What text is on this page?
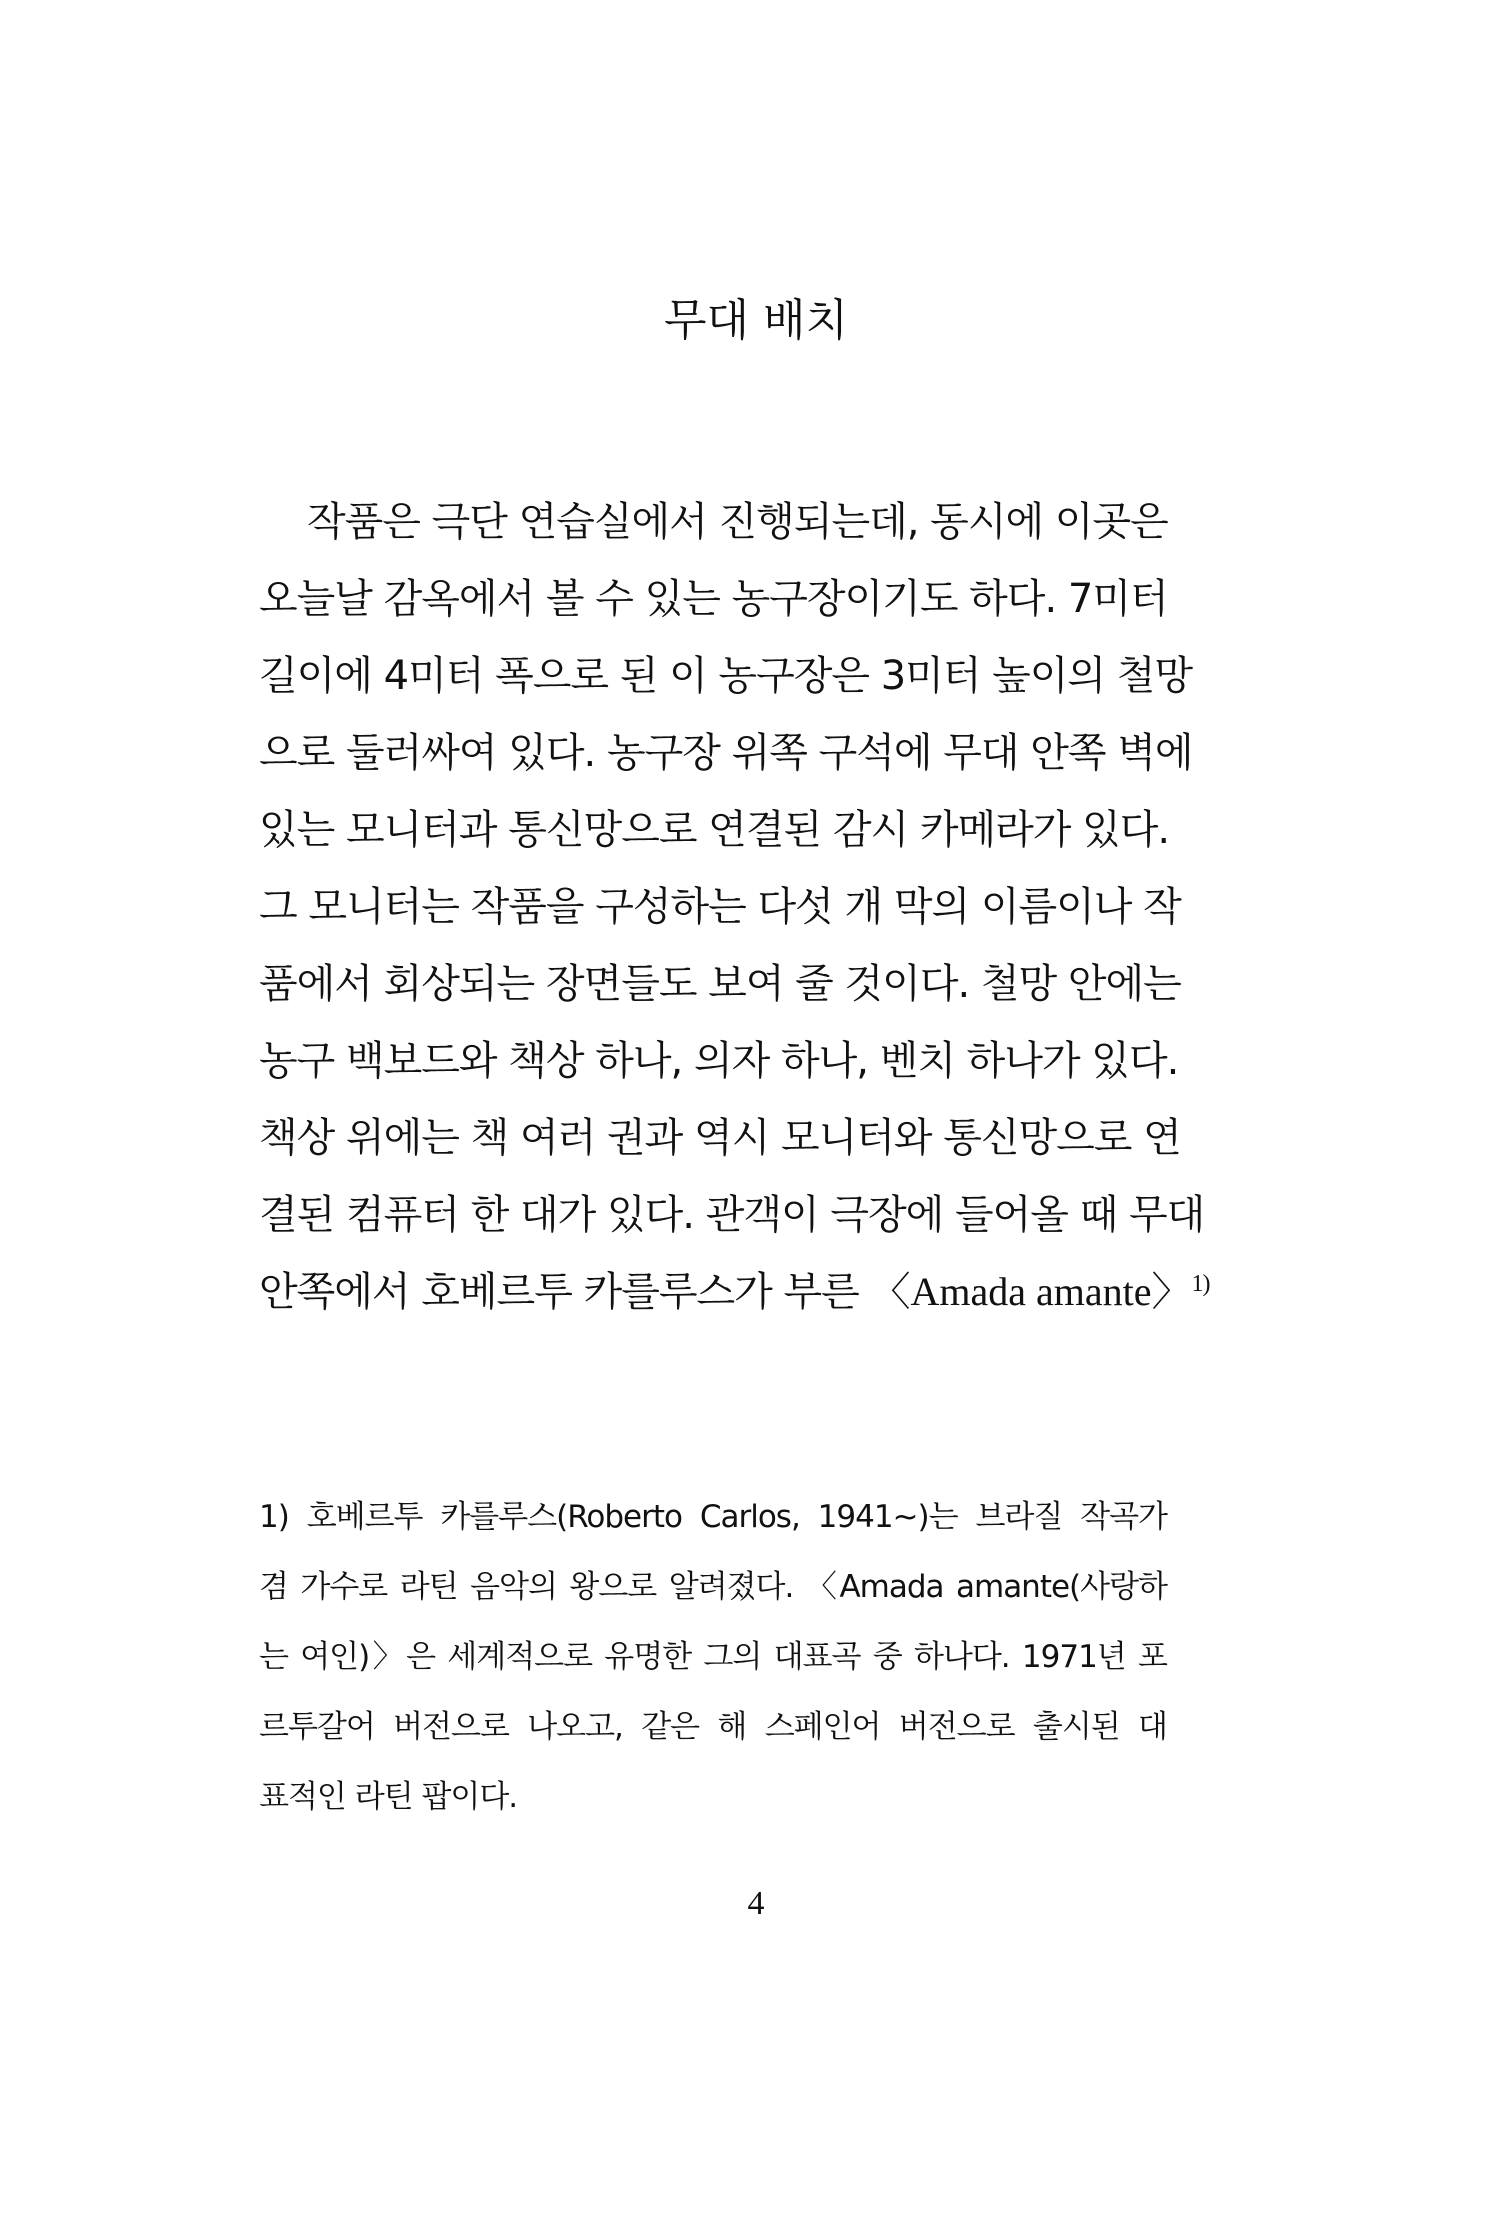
무대 배치
작품은 극단 연습실에서 진행되는데, 동시에 이곳은
오늘날 감옥에서 볼 수 있는 농구장이기도 하다. 7미터
길이에 4미터 폭으로 된 이 농구장은 3미터 높이의 철망
으로 둘러싸여 있다. 농구장 위쪽 구석에 무대 안쪽 벽에
있는 모니터과 통신망으로 연결된 감시 카메라가 있다.
그 모니터는 작품을 구성하는 다섯 개 막의 이름이나 작
품에서 회상되는 장면들도 보여 줄 것이다. 철망 안에는
농구 백보드와 책상 하나, 의자 하나, 벤치 하나가 있다.
책상 위에는 책 여러 권과 역시 모니터와 통신망으로 연
결된 컴퓨터 한 대가 있다. 관객이 극장에 들어올 때 무대
안쪽에서 호베르투 카를루스가 부른 〈Amada amante〉$^{1)}$
1) 호베르투 카를루스(Roberto Carlos, 1941~)는 브라질 작곡가
겸 가수로 라틴 음악의 왕으로 알려졌다. 〈Amada amante(사랑하
는 여인)〉은 세계적으로 유명한 그의 대표곡 중 하나다. 1971년 포
르투갈어 버전으로 나오고, 같은 해 스페인어 버전으로 출시된 대
표적인 라틴 팝이다.
4
